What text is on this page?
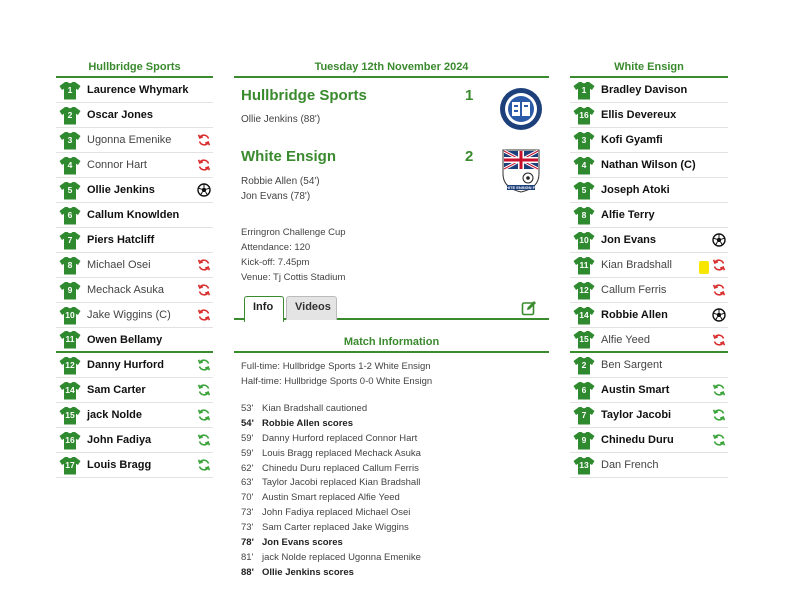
Hullbridge Sports
1	Laurence Whymark
2	Oscar Jones
3	Ugonna Emenike
4	Connor Hart
5	Ollie Jenkins
6	Callum Knowlden
7	Piers Hatcliff
8	Michael Osei
9	Mechack Asuka
10	Jake Wiggins (C)
11	Owen Bellamy
12	Danny Hurford
14	Sam Carter
15	jack Nolde
16	John Fadiya
17	Louis Bragg
Tuesday 12th November 2024
Hullbridge Sports	1
Ollie Jenkins (88')
White Ensign	2
Robbie Allen (54')
Jon Evans (78')
WHITE ENSIGN F.C.
Erringron Challenge Cup
Attendance: 120
Kick-off: 7.45pm
Venue: Tj Cottis Stadium
Info	Videos
Match Information
Full-time: Hullbridge Sports 1-2 White Ensign
Half-time: Hullbridge Sports 0-0 White Ensign
53' Kian Bradshall cautioned
54' Robbie Allen scores
59' Danny Hurford replaced Connor Hart
59' Louis Bragg replaced Mechack Asuka
62' Chinedu Duru replaced Callum Ferris
63' Taylor Jacobi replaced Kian Bradshall
70' Austin Smart replaced Alfie Yeed
73' John Fadiya replaced Michael Osei
73' Sam Carter replaced Jake Wiggins
78' Jon Evans scores
81' jack Nolde replaced Ugonna Emenike
88' Ollie Jenkins scores
White Ensign
1	Bradley Davison
16	Ellis Devereux
3	Kofi Gyamfi
4	Nathan Wilson (C)
5	Joseph Atoki
8	Alfie Terry
10	Jon Evans
11	Kian Bradshall
12	Callum Ferris
14	Robbie Allen
15	Alfie Yeed
2	Ben Sargent
6	Austin Smart
7	Taylor Jacobi
9	Chinedu Duru
13	Dan French
